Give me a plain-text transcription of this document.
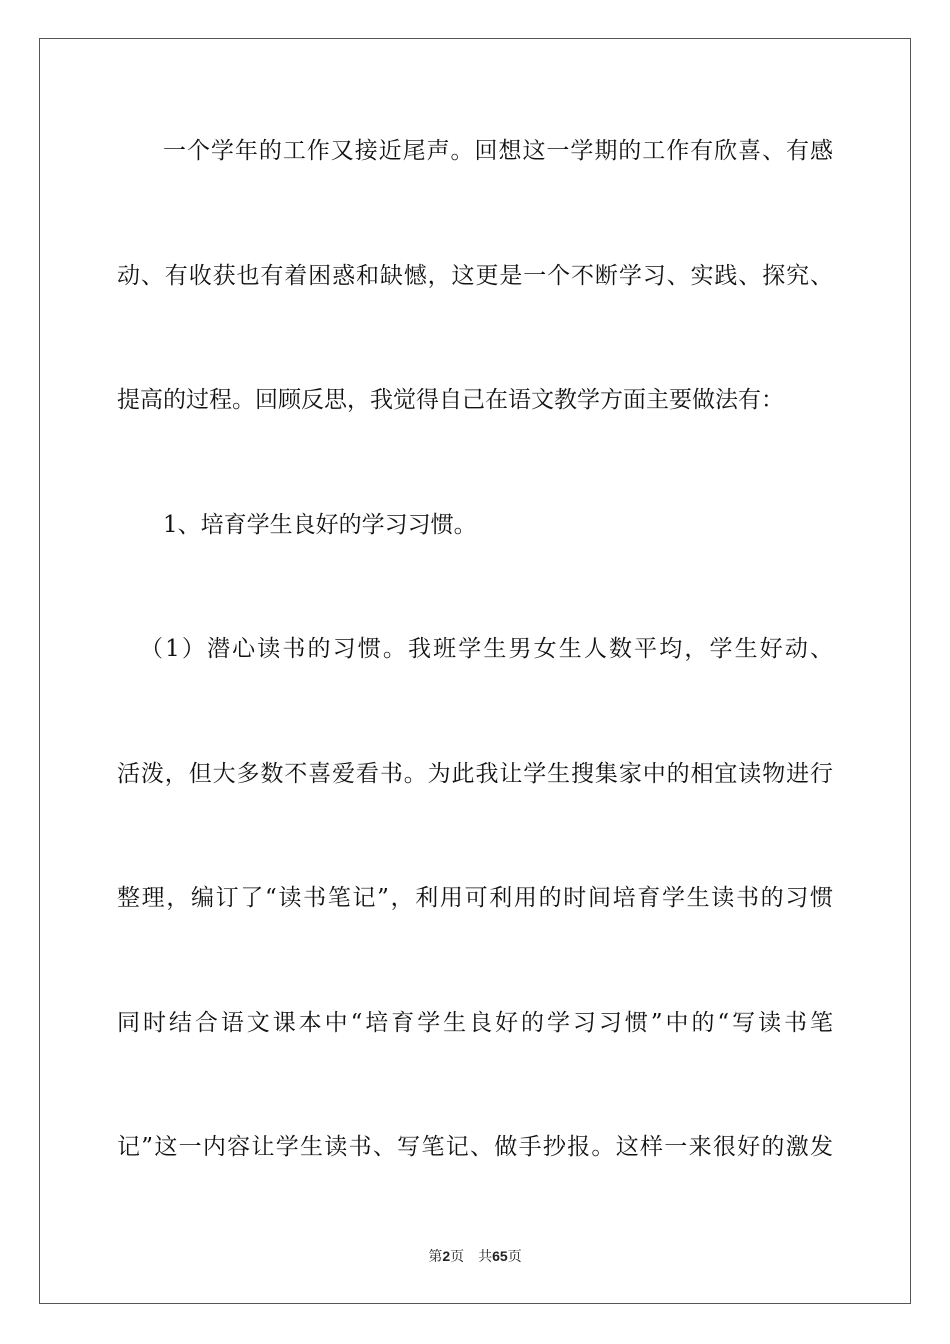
一个学年的工作又接近尾声。回想这一学期的工作有欣喜、有感
动、有收获也有着困惑和缺憾，这更是一个不断学习、实践、探究、
提高的过程。回顾反思，我觉得自己在语文教学方面主要做法有：
1、培育学生良好的学习习惯。
（1）潜心读书的习惯。我班学生男女生人数平均，学生好动、
活泼，但大多数不喜爱看书。为此我让学生搜集家中的相宜读物进行
整理，编订了“读书笔记”，利用可利用的时间培育学生读书的习惯
同时结合语文课本中“培育学生良好的学习习惯”中的“写读书笔
记”这一内容让学生读书、写笔记、做手抄报。这样一来很好的激发
第2页 共65页
